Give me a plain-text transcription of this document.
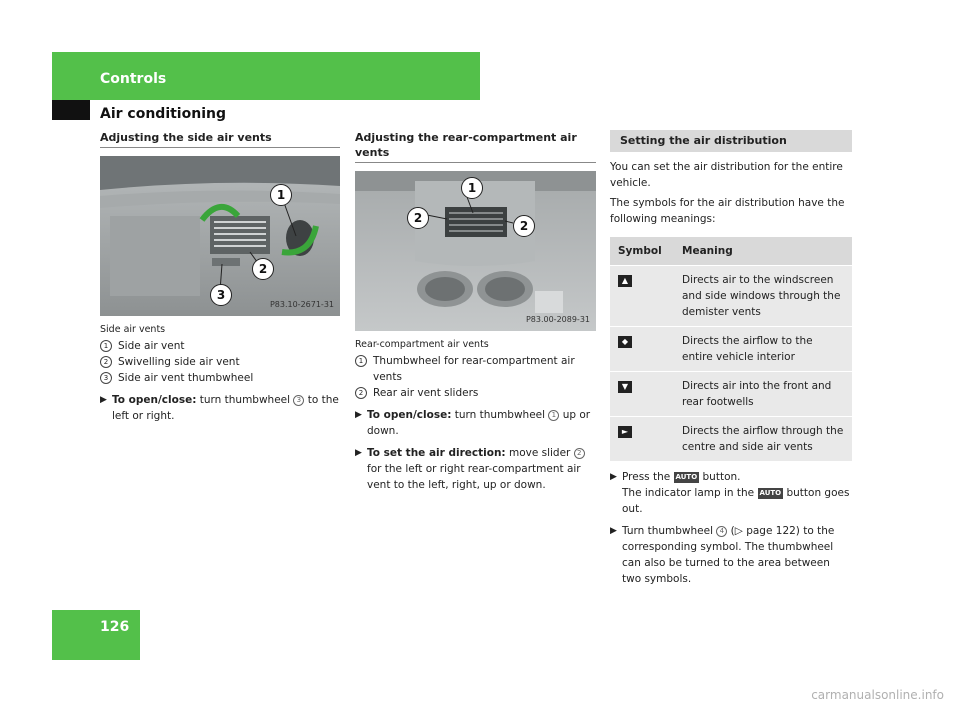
Controls
Air conditioning
Adjusting the side air vents
1
2
3
P83.10-2671-31
Side air vents
1 Side air vent
2 Swivelling side air vent
3 Side air vent thumbwheel
▶ To open/close: turn thumbwheel 3 to the left or right.
Adjusting the rear-compartment air vents
1
2
2
P83.00-2089-31
Rear-compartment air vents
1 Thumbwheel for rear-compartment air vents
2 Rear air vent sliders
▶ To open/close: turn thumbwheel 1 up or down.
▶ To set the air direction: move slider 2 for the left or right rear-compartment air vent to the left, right, up or down.
Setting the air distribution
You can set the air distribution for the entire vehicle.
The symbols for the air distribution have the following meanings:
Symbol	Meaning
▲	Directs air to the windscreen and side windows through the demister vents
◆	Directs the airflow to the entire vehicle interior
▼	Directs air into the front and rear footwells
►	Directs the airflow through the centre and side air vents
▶ Press the AUTO button.
The indicator lamp in the AUTO button goes out.
▶ Turn thumbwheel 4 (▷ page 122) to the corresponding symbol. The thumbwheel can also be turned to the area between two symbols.
126
carmanualsonline.info
